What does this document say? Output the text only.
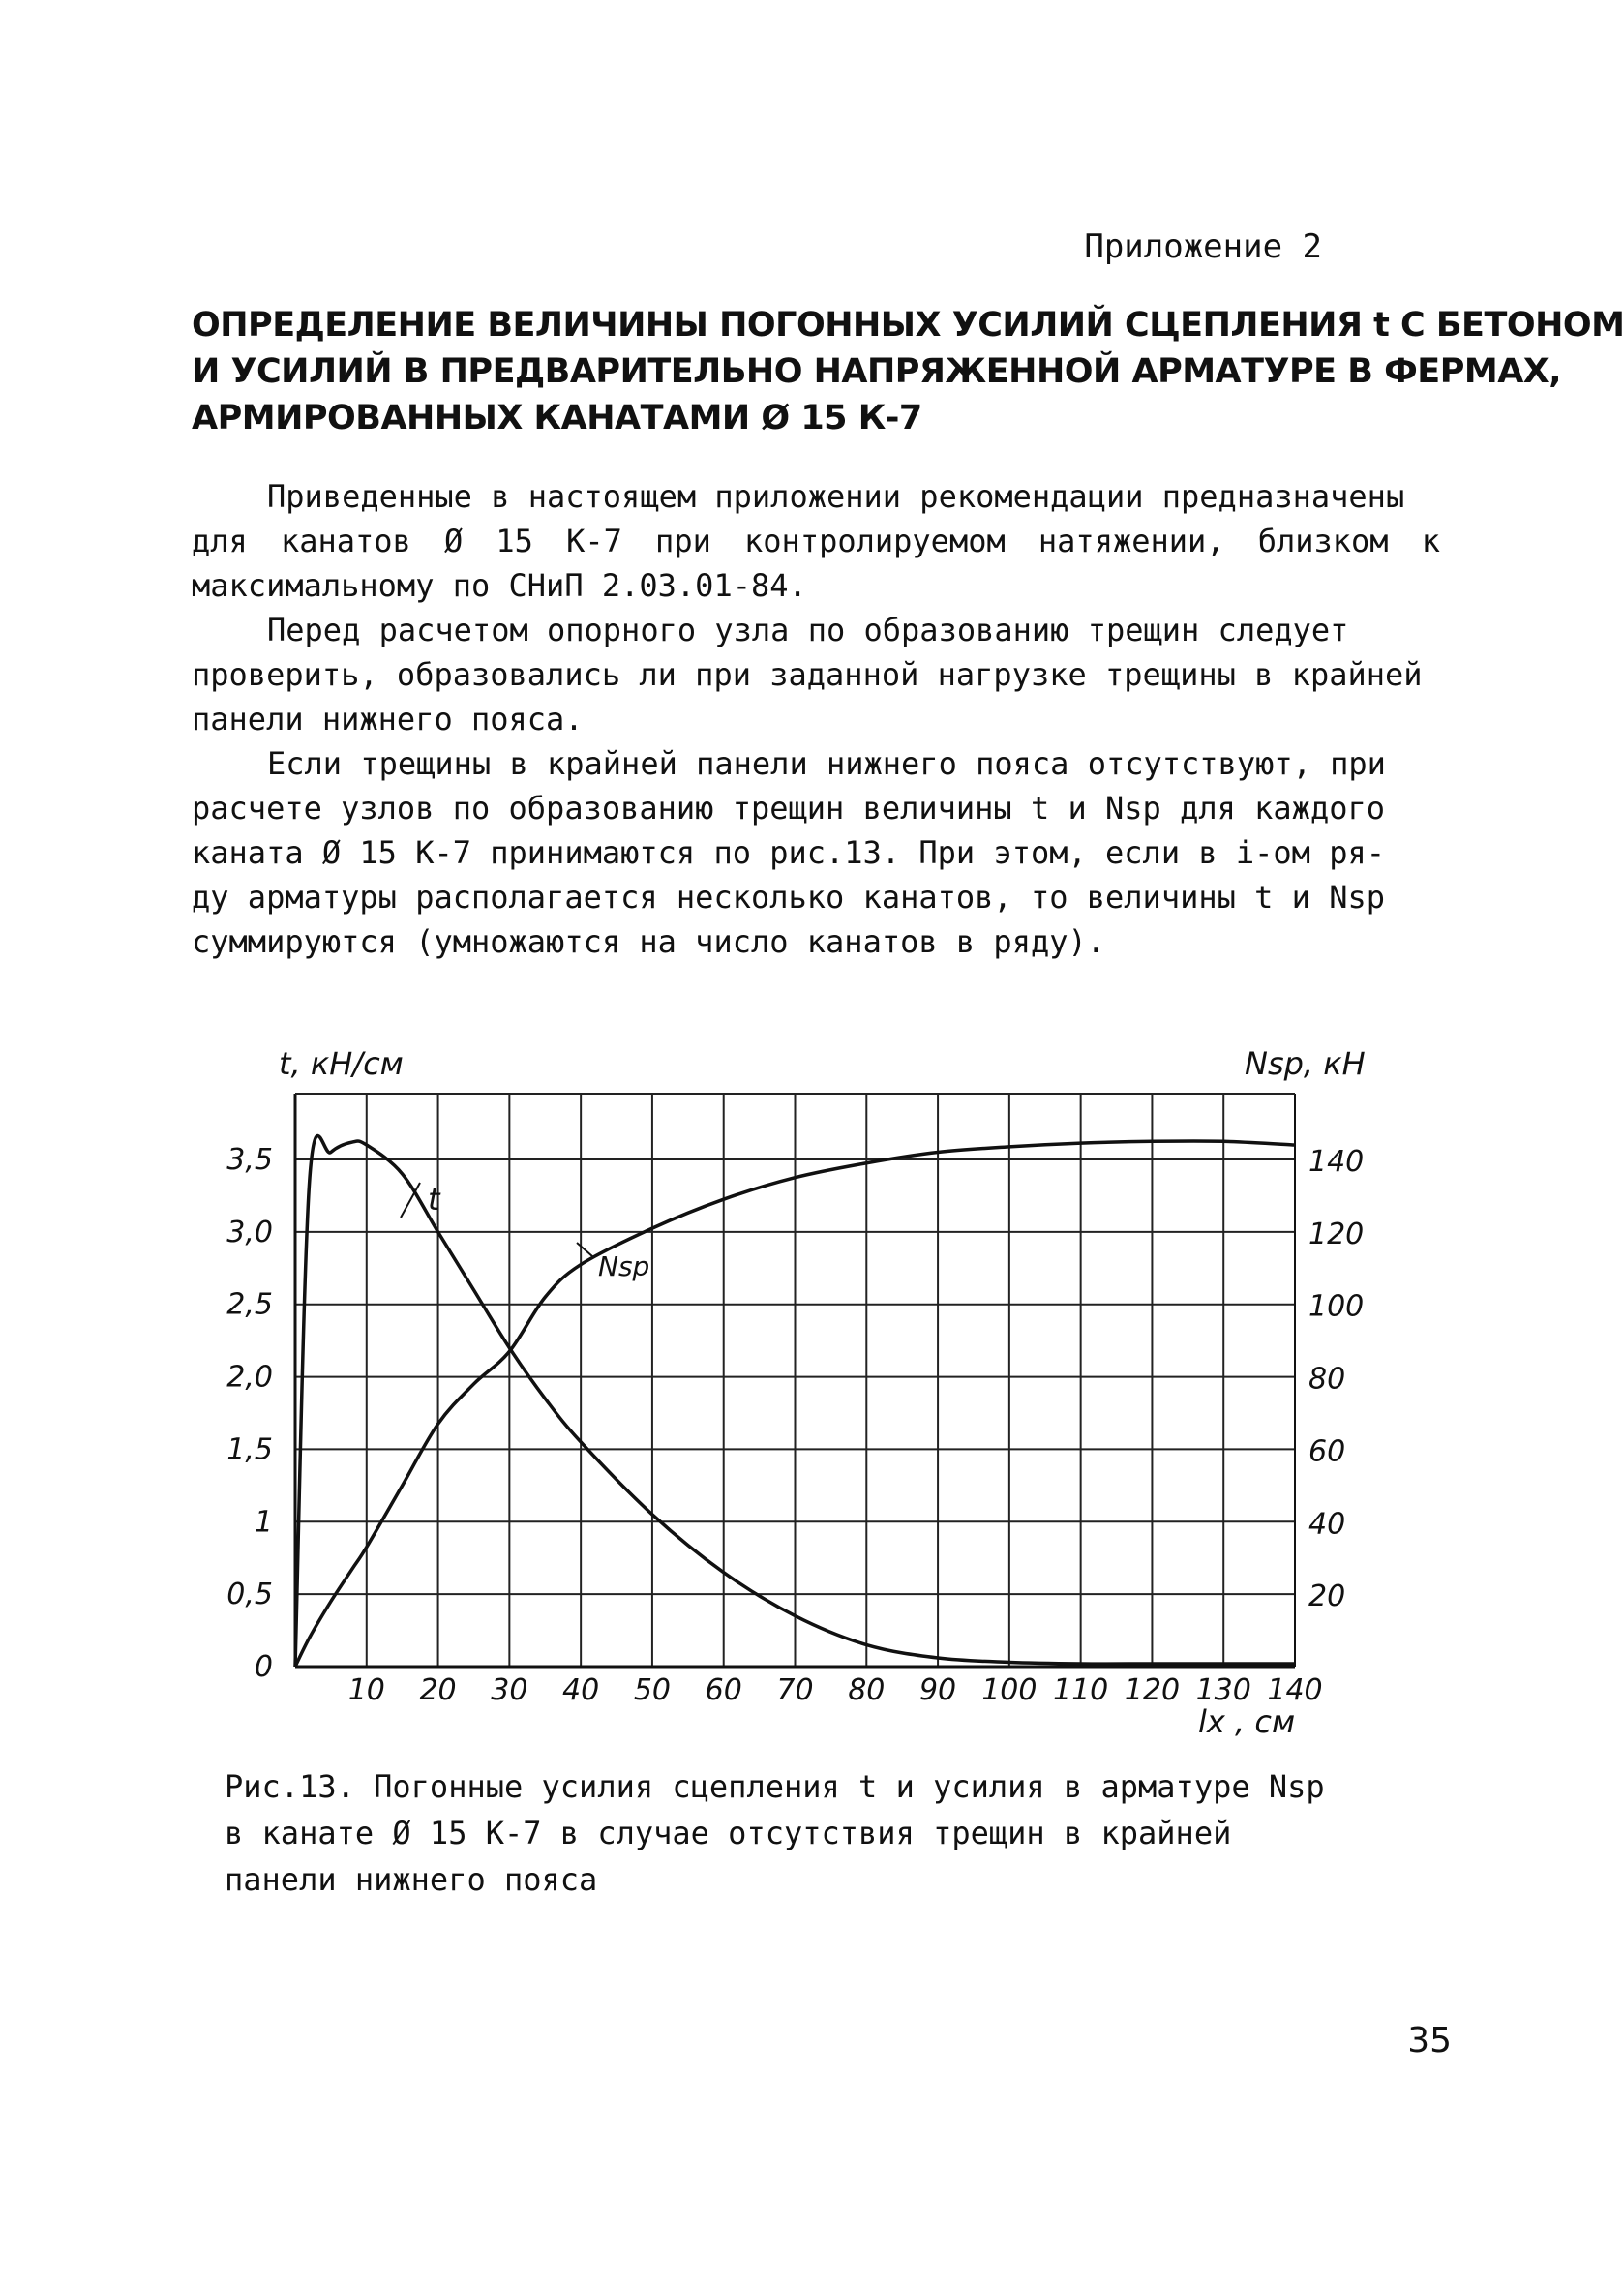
Приложение 2
ОПРЕДЕЛЕНИЕ ВЕЛИЧИНЫ ПОГОННЫХ УСИЛИЙ СЦЕПЛЕНИЯ t С БЕТОНОМ
И УСИЛИЙ В ПРЕДВАРИТЕЛЬНО НАПРЯЖЕННОЙ АРМАТУРЕ В ФЕРМАХ,
АРМИРОВАННЫХ КАНАТАМИ Ø 15 К-7
Приведенные в настоящем приложении рекомендации предназначены
для канатов Ø 15 К-7 при контролируемом натяжении, близком к максимальному по СНиП 2.03.01-84.
Перед расчетом опорного узла по образованию трещин следует
проверить, образовались ли при заданной нагрузке трещины в крайней
панели нижнего пояса.
Если трещины в крайней панели нижнего пояса отсутствуют, при
расчете узлов по образованию трещин величины t и Nsp для каждого
каната Ø 15 К-7 принимаются по рис.13. При этом, если в i-ом ря-
ду арматуры располагается несколько канатов, то величины t и Nsp
суммируются (умножаются на число канатов в ряду).
10 20 30 40 50 60 70 80 90 100 110 120 130 140
0
0,5
1
1,5
2,0
2,5
3,0
3,5
20
40
60
80
100
120
140
t, кН/см	Nsp, кН
lx , см
t
Nsp
Рис.13. Погонные усилия сцепления t и усилия в арматуре Nsp
в канате Ø 15 К-7 в случае отсутствия трещин в крайней
панели нижнего пояса
35
